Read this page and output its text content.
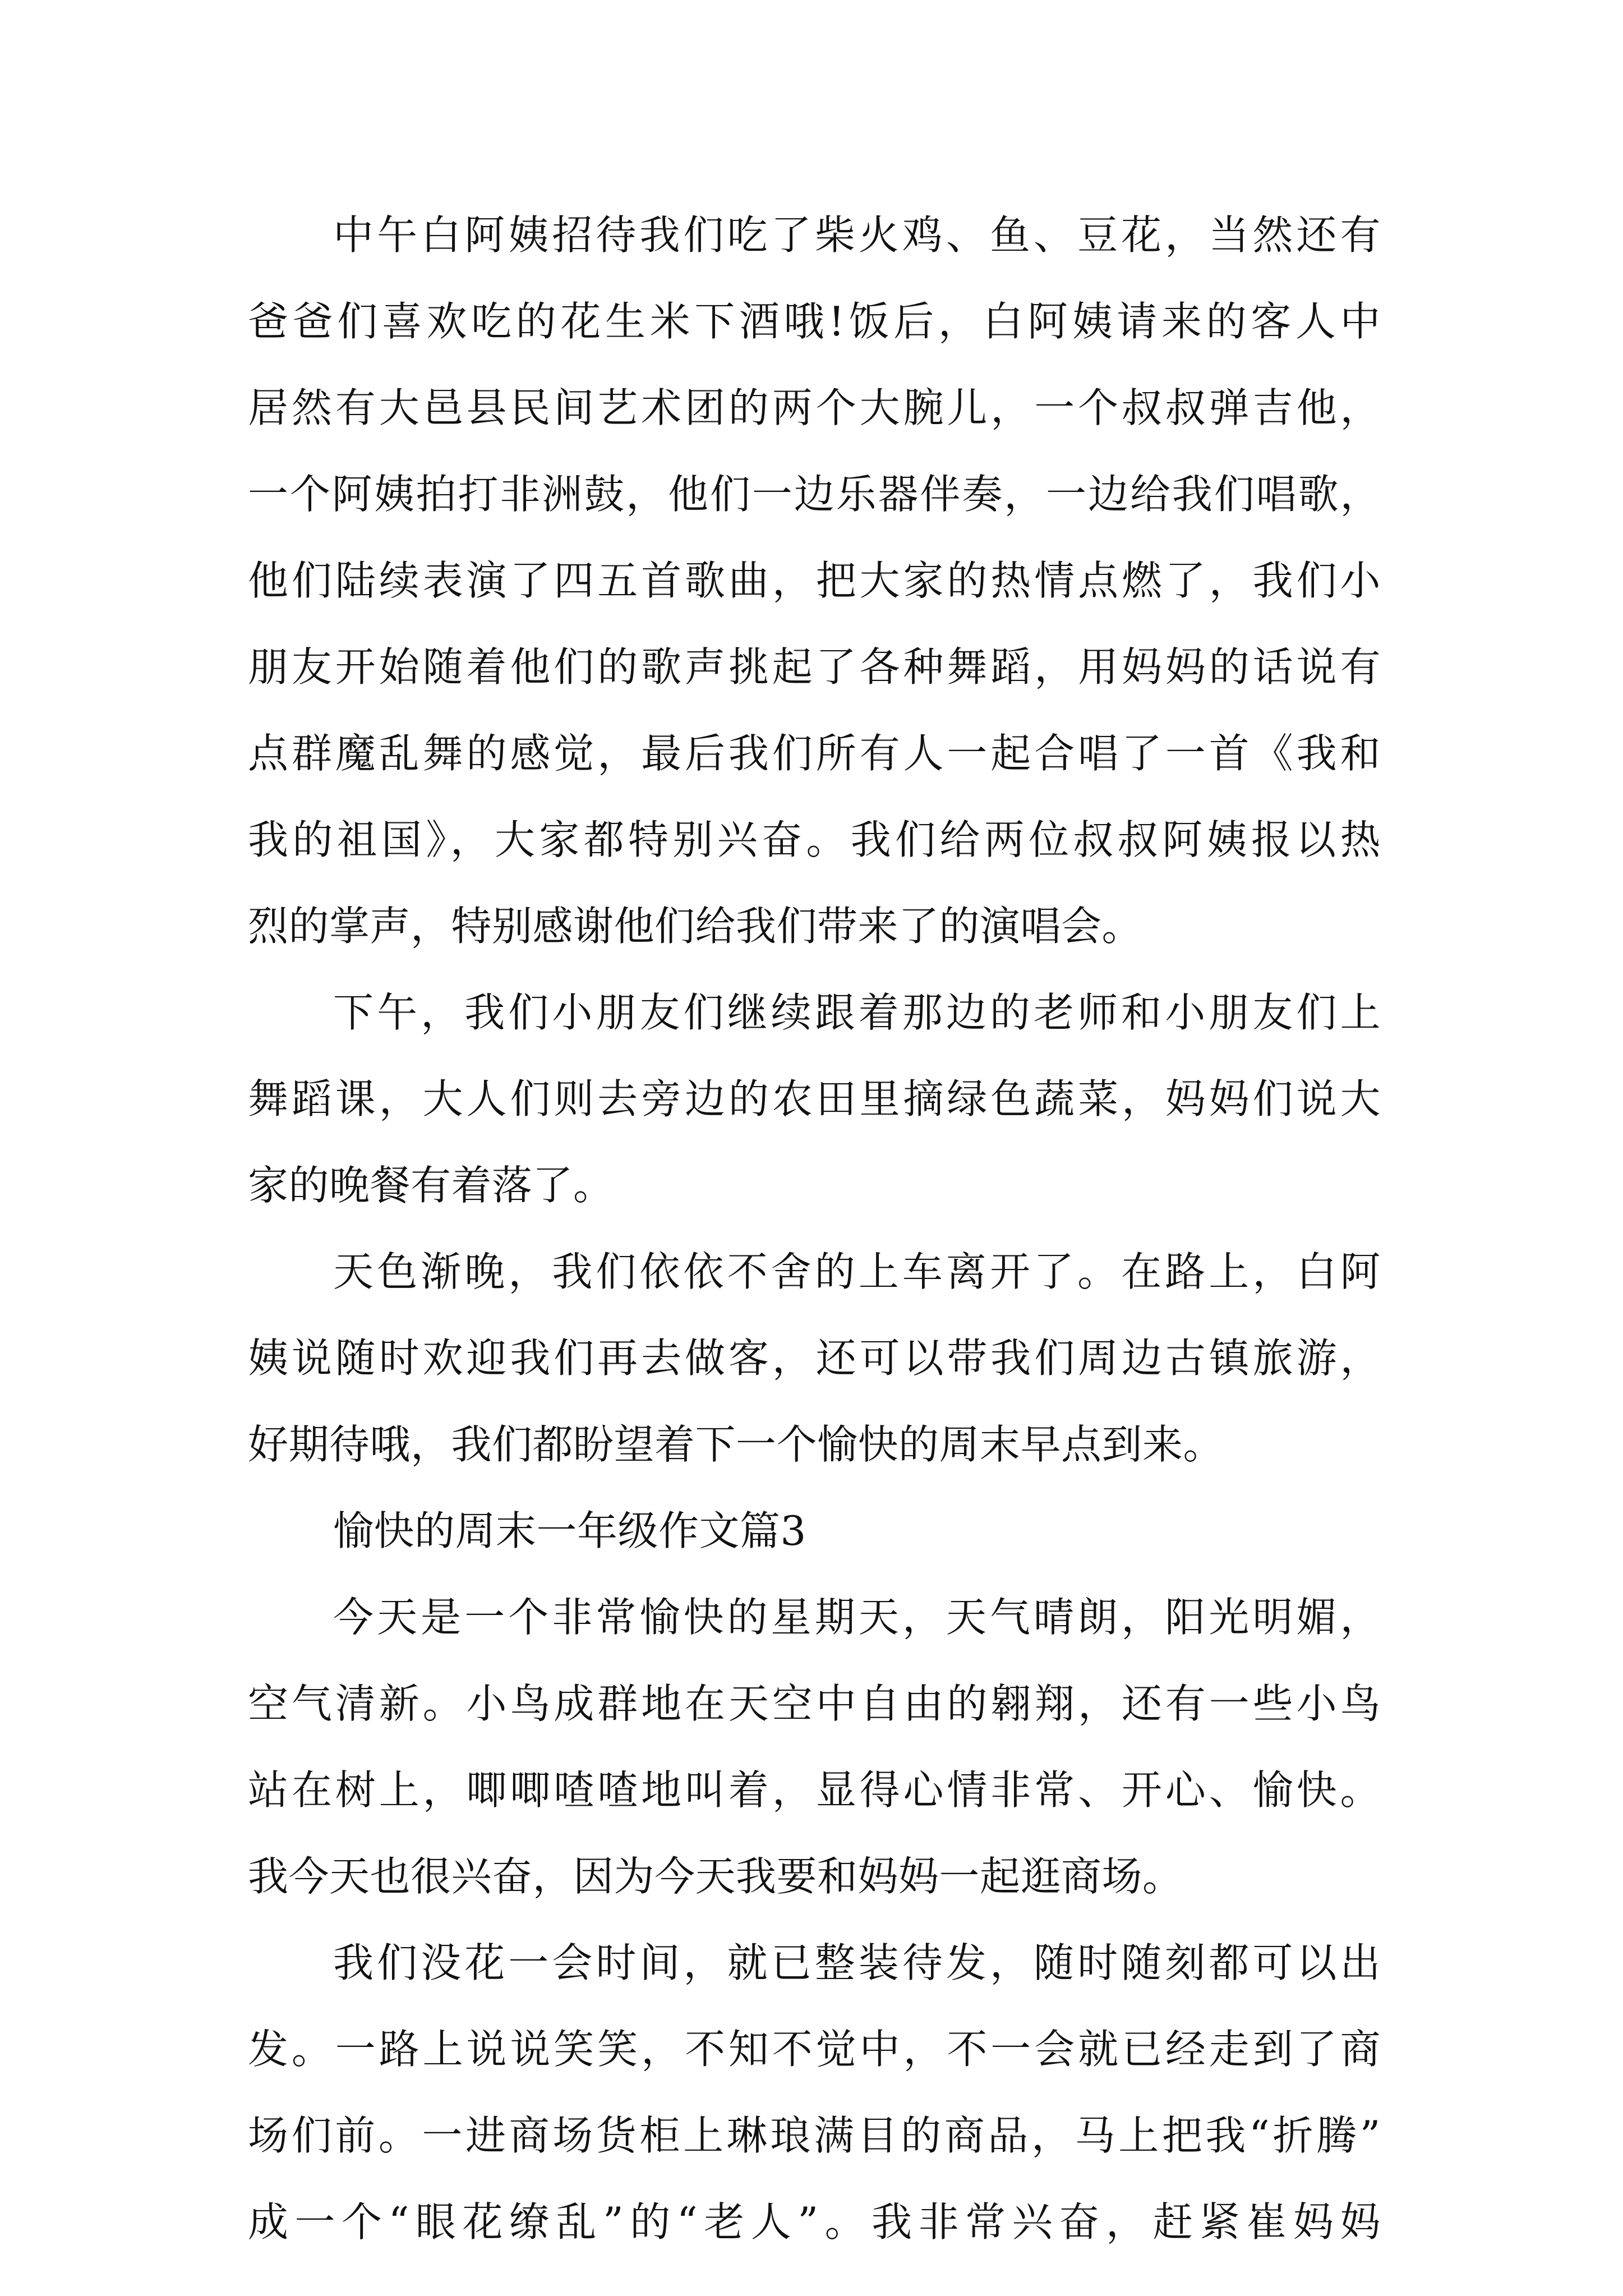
中午白阿姨招待我们吃了柴火鸡、鱼、豆花，当然还有
爸爸们喜欢吃的花生米下酒哦!饭后，白阿姨请来的客人中
居然有大邑县民间艺术团的两个大腕儿，一个叔叔弹吉他，
一个阿姨拍打非洲鼓，他们一边乐器伴奏，一边给我们唱歌，
他们陆续表演了四五首歌曲，把大家的热情点燃了，我们小
朋友开始随着他们的歌声挑起了各种舞蹈，用妈妈的话说有
点群魔乱舞的感觉，最后我们所有人一起合唱了一首《我和
我的祖国》，大家都特别兴奋。我们给两位叔叔阿姨报以热
烈的掌声，特别感谢他们给我们带来了的演唱会。
下午，我们小朋友们继续跟着那边的老师和小朋友们上
舞蹈课，大人们则去旁边的农田里摘绿色蔬菜，妈妈们说大
家的晚餐有着落了。
天色渐晚，我们依依不舍的上车离开了。在路上，白阿
姨说随时欢迎我们再去做客，还可以带我们周边古镇旅游，
好期待哦，我们都盼望着下一个愉快的周末早点到来。
愉快的周末一年级作文篇3
今天是一个非常愉快的星期天，天气晴朗，阳光明媚，
空气清新。小鸟成群地在天空中自由的翱翔，还有一些小鸟
站在树上，唧唧喳喳地叫着，显得心情非常、开心、愉快。
我今天也很兴奋，因为今天我要和妈妈一起逛商场。
我们没花一会时间，就已整装待发，随时随刻都可以出
发。一路上说说笑笑，不知不觉中，不一会就已经走到了商
场们前。一进商场货柜上琳琅满目的商品，马上把我“折腾”
成一个“眼花缭乱”的“老人”。我非常兴奋，赶紧崔妈妈
